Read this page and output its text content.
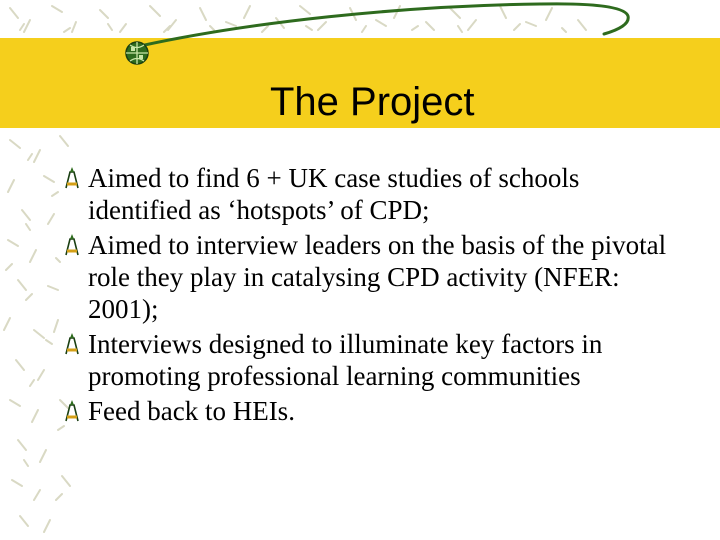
The Project
Aimed to find 6 + UK case studies of schools identified as ‘hotspots’ of CPD;
Aimed to interview leaders on the basis of the pivotal role they play in catalysing CPD activity (NFER: 2001);
Interviews designed to illuminate key factors in promoting professional learning communities
Feed back to HEIs.
